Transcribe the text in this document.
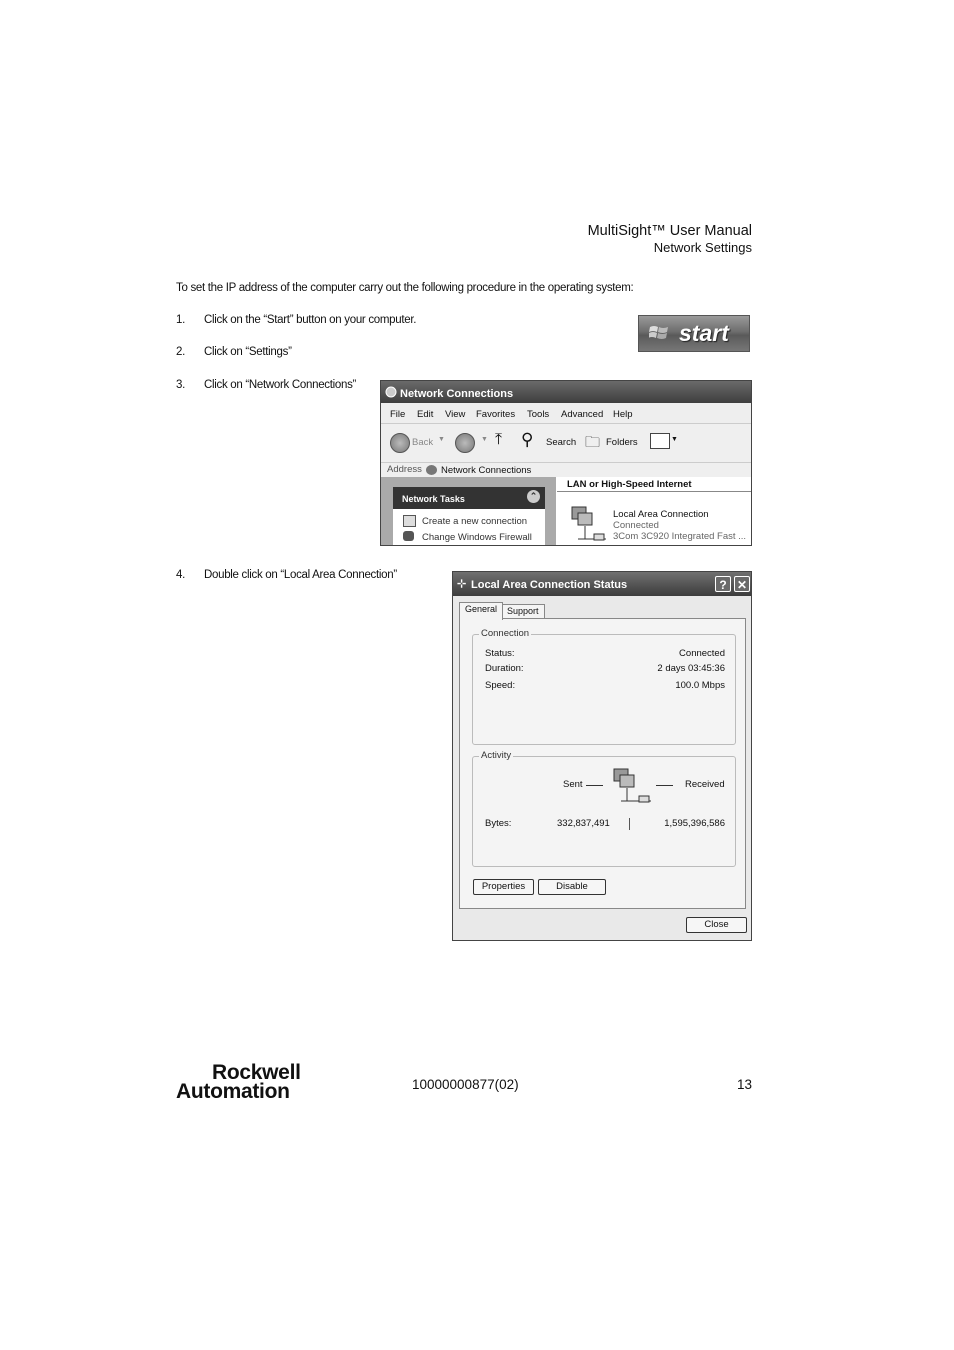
MultiSight™ User Manual
Network Settings
To set the IP address of the computer carry out the following procedure in the operating system:
1. Click on the “Start” button on your computer.
2. Click on “Settings”
3. Click on “Network Connections”
4. Double click on “Local Area Connection”
start
Network Connections
File Edit View Favorites Tools Advanced Help
Back ▼	▼ ⤒ ⚲ Search 🗀 Folders	▼
Address Network Connections
Network Tasks	⌃
Create a new connection
Change Windows Firewall
LAN or High-Speed Internet
Local Area Connection
Connected
3Com 3C920 Integrated Fast ...
⊹ Local Area Connection Status	? ✕
General	Support
Connection
Status:	Connected
Duration:	2 days 03:45:36
Speed:	100.0 Mbps
Activity
Sent	Received
Bytes:	332,837,491	1,595,396,586
Properties	Disable
Close
Rockwell
Automation	10000000877(02)	13
